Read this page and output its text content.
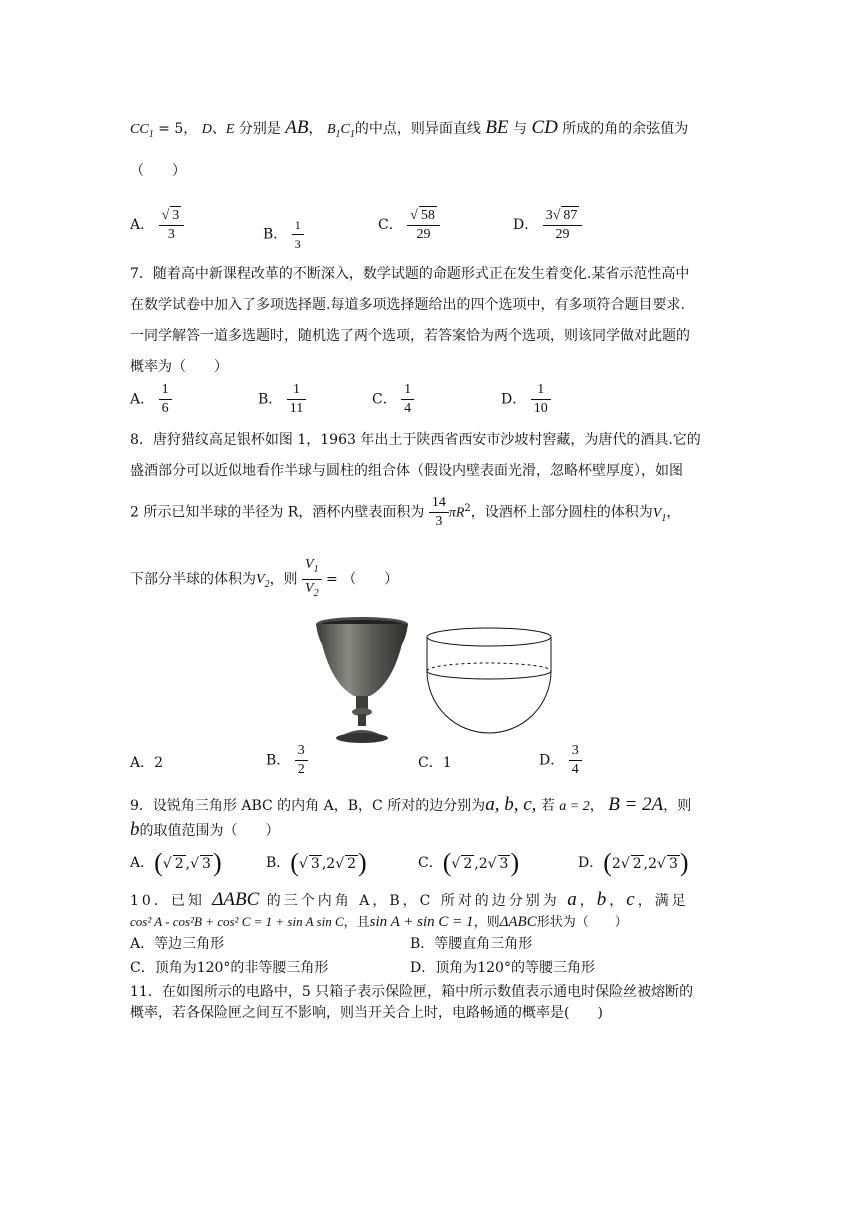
$CC_1 = 5$， D、E 分别是 AB， $B_1C_1$的中点，则异面直线 BE 与 CD 所成的角的余弦值为
（　　）
A． $\frac{√ 3}{3}$	B． $\frac{1}{3}$	C． $\frac{√ 58}{29}$	D． $\frac{3√ 87}{29}$
7．随着高中新课程改革的不断深入，数学试题的命题形式正在发生着变化.某省示范性高中
在数学试卷中加入了多项选择题.每道多项选择题给出的四个选项中，有多项符合题目要求.
一同学解答一道多选题时，随机选了两个选项，若答案恰为两个选项，则该同学做对此题的
概率为（　　）
A． $\frac{1}{6}$	B． $\frac{1}{11}$	C． $\frac{1}{4}$	D． $\frac{1}{10}$
8．唐狩猎纹高足银杯如图 1，1963 年出土于陕西省西安市沙坡村窖藏，为唐代的酒具.它的
盛酒部分可以近似地看作半球与圆柱的组合体（假设内壁表面光滑，忽略杯壁厚度），如图
2 所示已知半球的半径为 R，酒杯内壁表面积为 $\frac{14}{3} \pi R^2$，设酒杯上部分圆柱的体积为$V_1$，
下部分半球的体积为$V_2$，则 $\frac{V_1}{V_2}$ = （　　）
A．2	B． $\frac{3}{2}$	C．1	D． $\frac{3}{4}$
9．设锐角三角形 ABC 的内角 A，B，C 所对的边分别为a, b, c, 若 a = 2， B = 2A，则
b的取值范围为（　　）
A．(√ 2 ,√ 3)	B．(√ 3 ,2√ 2)	C．(√ 2 ,2√ 3)	D．(2√ 2 ,2√ 3)
10．已知 ΔABC 的三个内角 A，B，C 所对的边分别为 a，b，c，满足
cos² A - cos²B + cos² C = 1 + sin A sin C，且sin A + sin C = 1，则ΔABC形状为（　　）
A．等边三角形	B．等腰直角三角形
C．顶角为120°的非等腰三角形	D．顶角为120°的等腰三角形
11．在如图所示的电路中，5 只箱子表示保险匣，箱中所示数值表示通电时保险丝被熔断的
概率，若各保险匣之间互不影响，则当开关合上时，电路畅通的概率是(　　)
